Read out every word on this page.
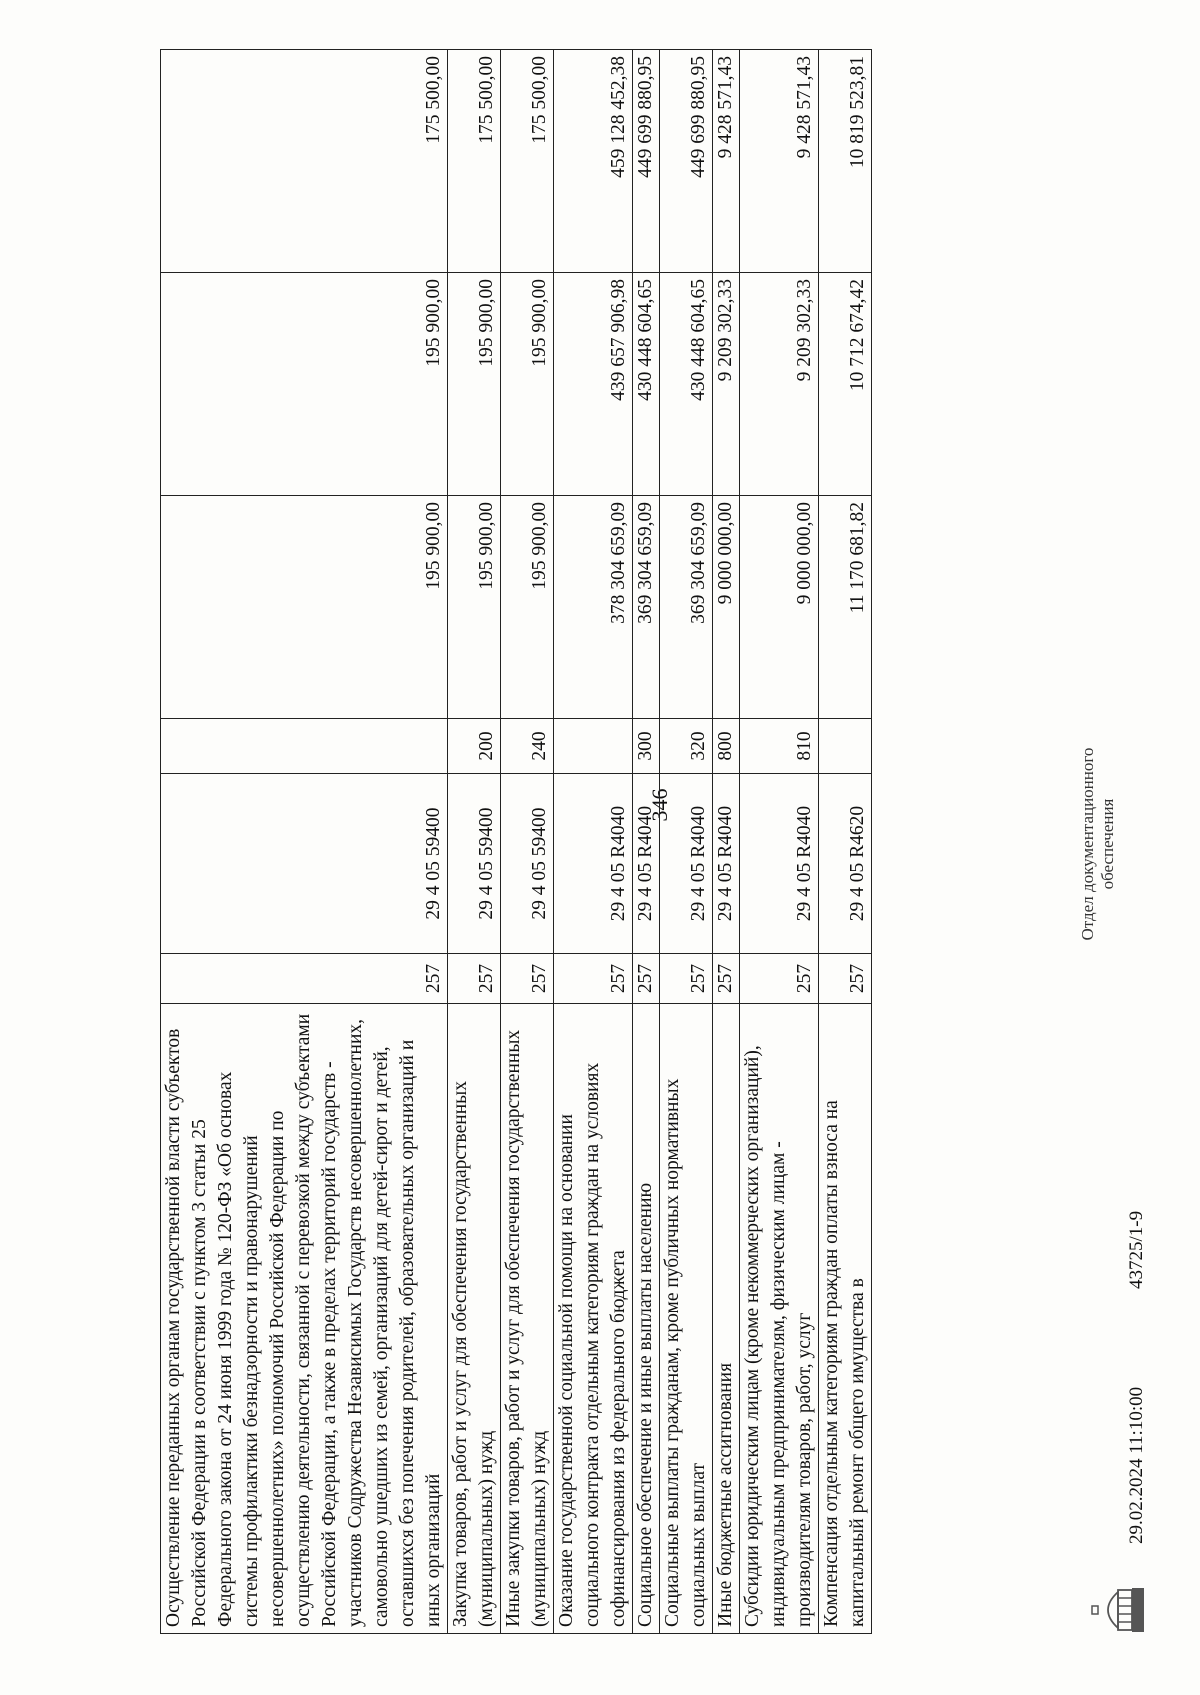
346
Осуществление переданных органам государственной власти субъектов Российской Федерации в соответствии с пунктом 3 статьи 25 Федерального закона от 24 июня 1999 года № 120-ФЗ «Об основах системы профилактики безнадзорности и правонарушений несовершеннолетних» полномочий Российской Федерации по осуществлению деятельности, связанной с перевозкой между субъектами Российской Федерации, а также в пределах территорий государств - участников Содружества Независимых Государств несовершеннолетних, самовольно ушедших из семей, организаций для детей-сирот и детей, оставшихся без попечения родителей, образовательных организаций и иных организаций	257	29 4 05 59400		195 900,00	195 900,00	175 500,00
Закупка товаров, работ и услуг для обеспечения государственных (муниципальных) нужд	257	29 4 05 59400	200	195 900,00	195 900,00	175 500,00
Иные закупки товаров, работ и услуг для обеспечения государственных (муниципальных) нужд	257	29 4 05 59400	240	195 900,00	195 900,00	175 500,00
Оказание государственной социальной помощи на основании социального контракта отдельным категориям граждан на условиях софинансирования из федерального бюджета	257	29 4 05 R4040		378 304 659,09	439 657 906,98	459 128 452,38
Социальное обеспечение и иные выплаты населению	257	29 4 05 R4040	300	369 304 659,09	430 448 604,65	449 699 880,95
Социальные выплаты гражданам, кроме публичных нормативных социальных выплат	257	29 4 05 R4040	320	369 304 659,09	430 448 604,65	449 699 880,95
Иные бюджетные ассигнования	257	29 4 05 R4040	800	9 000 000,00	9 209 302,33	9 428 571,43
Субсидии юридическим лицам (кроме некоммерческих организаций), индивидуальным предпринимателям, физическим лицам - производителям товаров, работ, услуг	257	29 4 05 R4040	810	9 000 000,00	9 209 302,33	9 428 571,43
Компенсация отдельным категориям граждан оплаты взноса на капитальный ремонт общего имущества в	257	29 4 05 R4620		11 170 681,82	10 712 674,42	10 819 523,81
29.02.2024 11:10:00
43725/1-9
Отдел документационного обеспечения
